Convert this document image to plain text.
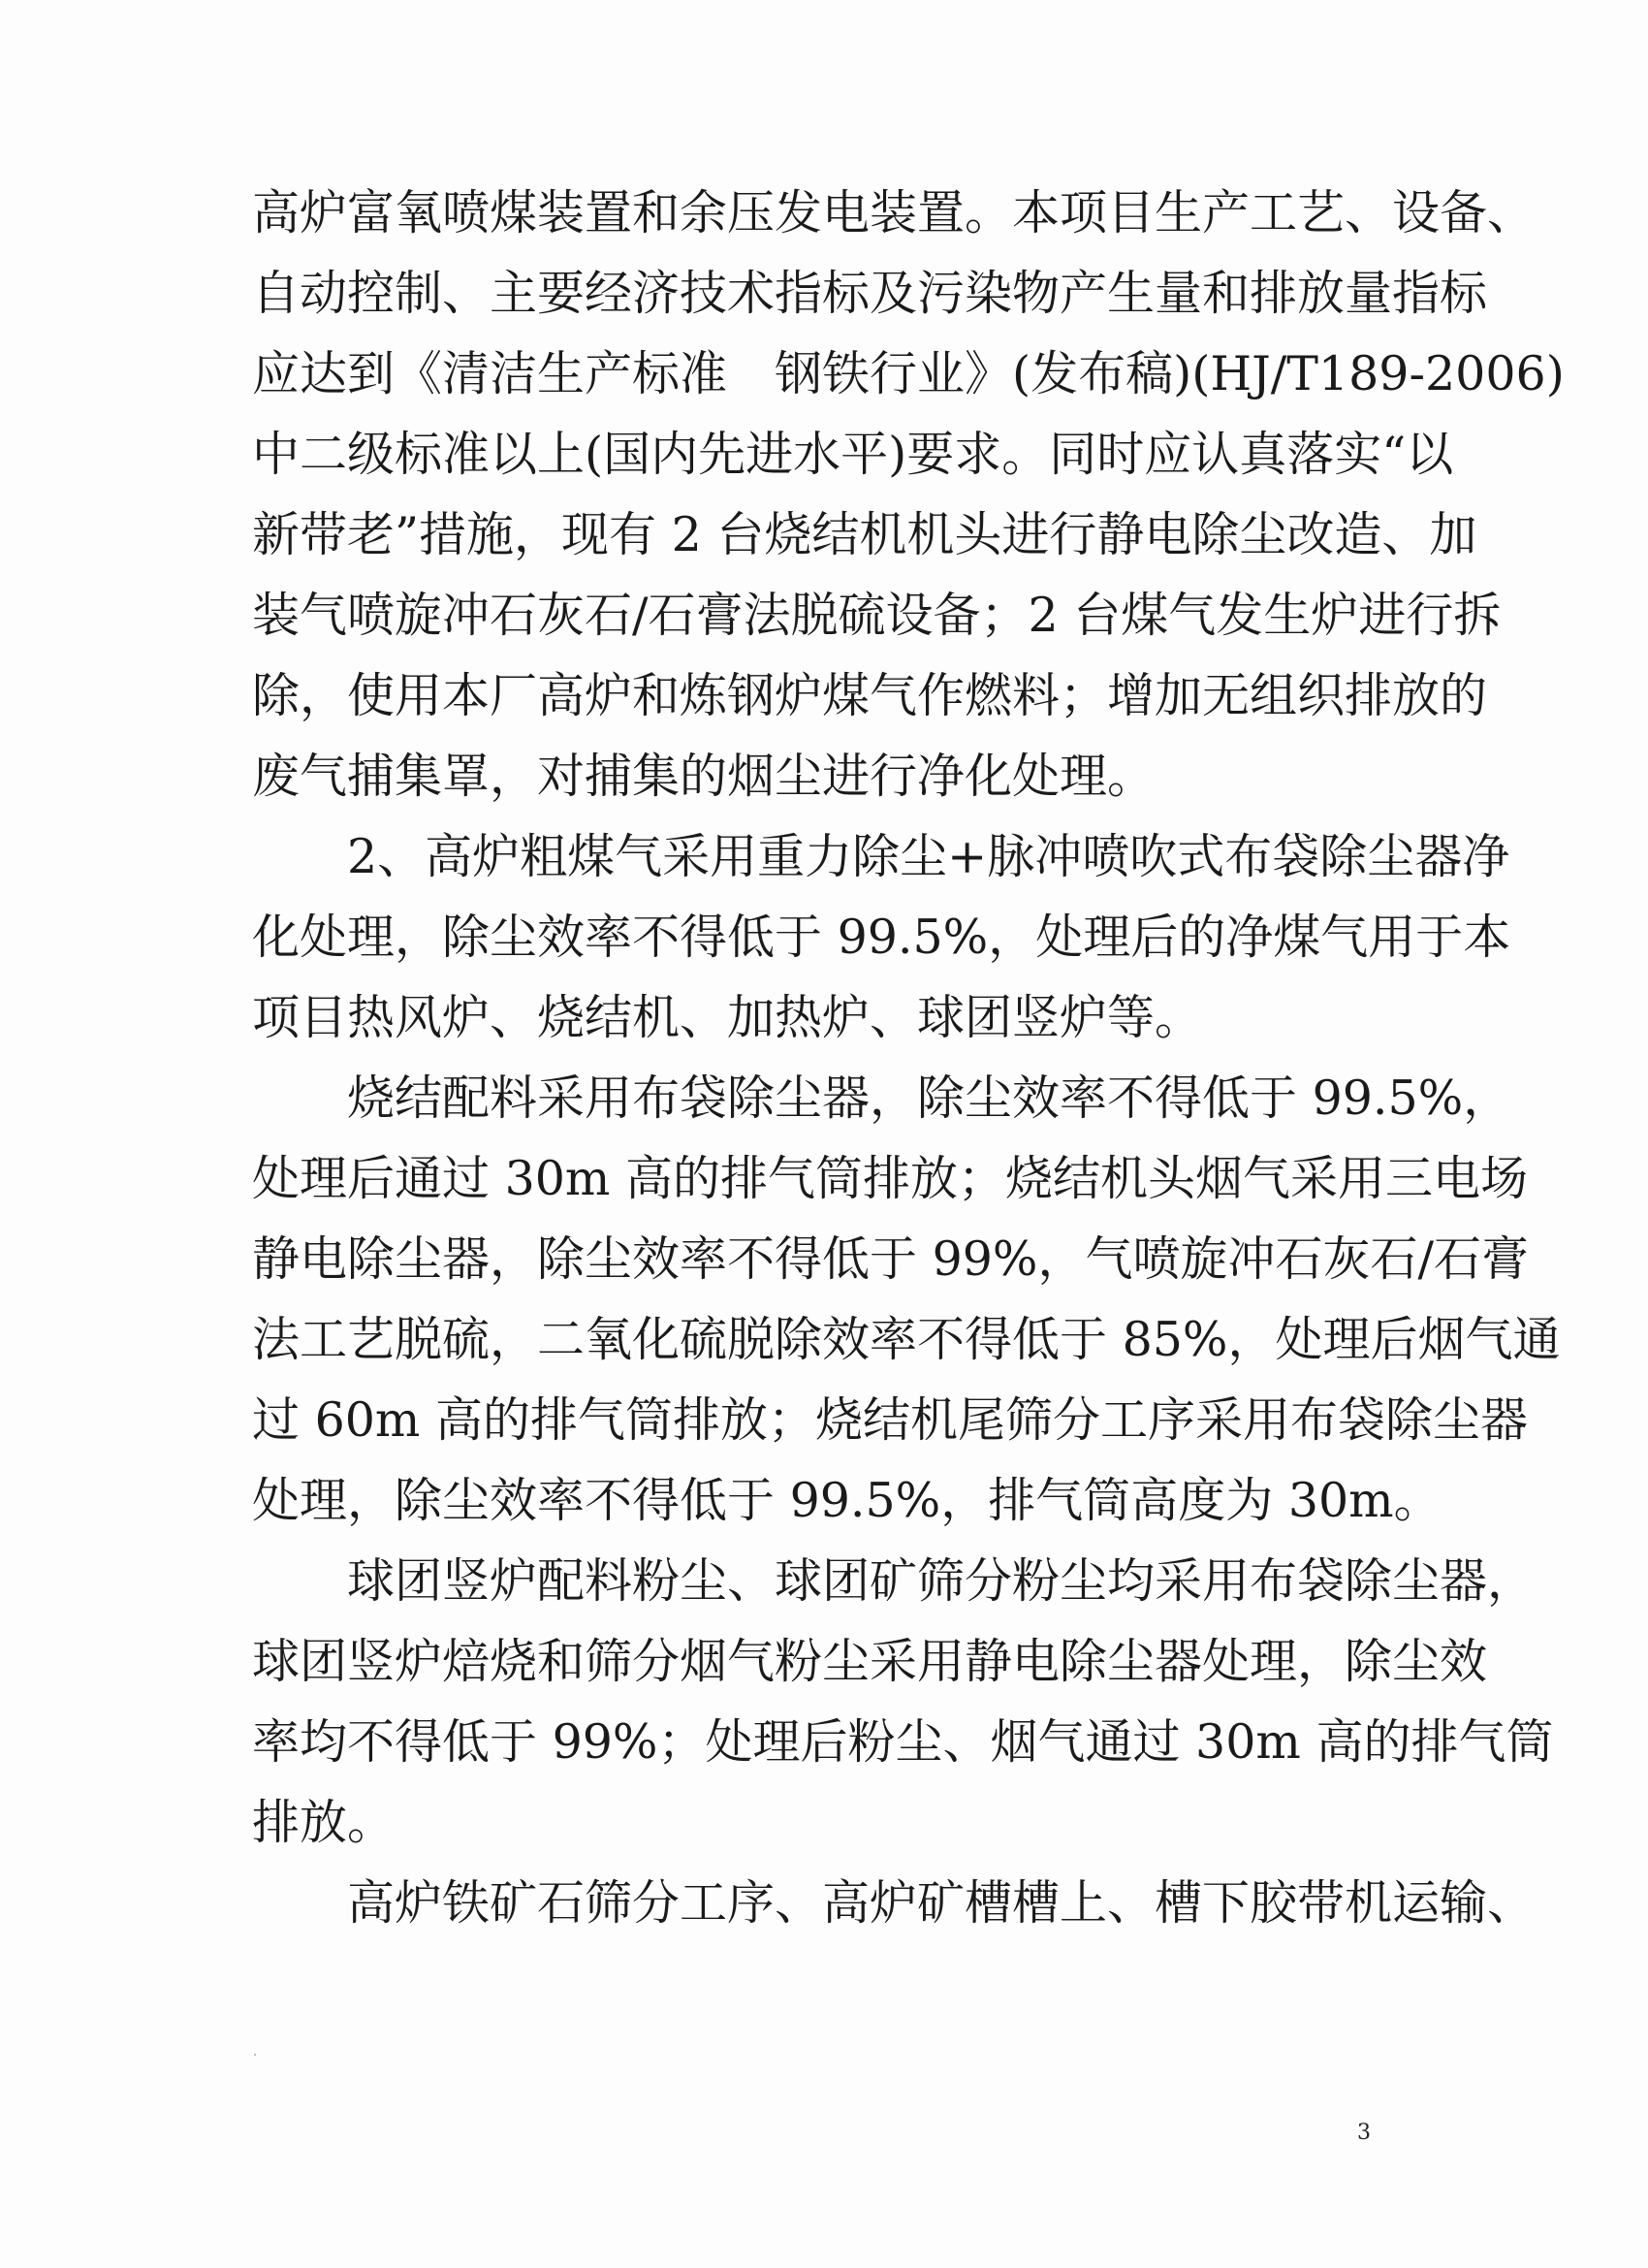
高炉富氧喷煤装置和余压发电装置。本项目生产工艺、设备、
自动控制、主要经济技术指标及污染物产生量和排放量指标
应达到《清洁生产标准　钢铁行业》(发布稿)(HJ/T189-2006)
中二级标准以上(国内先进水平)要求。同时应认真落实“以
新带老”措施，现有 2 台烧结机机头进行静电除尘改造、加
装气喷旋冲石灰石/石膏法脱硫设备；2 台煤气发生炉进行拆
除，使用本厂高炉和炼钢炉煤气作燃料；增加无组织排放的
废气捕集罩，对捕集的烟尘进行净化处理。

2、高炉粗煤气采用重力除尘+脉冲喷吹式布袋除尘器净
化处理，除尘效率不得低于 99.5%，处理后的净煤气用于本
项目热风炉、烧结机、加热炉、球团竖炉等。

烧结配料采用布袋除尘器，除尘效率不得低于 99.5%，
处理后通过 30m 高的排气筒排放；烧结机头烟气采用三电场
静电除尘器，除尘效率不得低于 99%，气喷旋冲石灰石/石膏
法工艺脱硫，二氧化硫脱除效率不得低于 85%，处理后烟气通
过 60m 高的排气筒排放；烧结机尾筛分工序采用布袋除尘器
处理，除尘效率不得低于 99.5%，排气筒高度为 30m。

球团竖炉配料粉尘、球团矿筛分粉尘均采用布袋除尘器，
球团竖炉焙烧和筛分烟气粉尘采用静电除尘器处理，除尘效
率均不得低于 99%；处理后粉尘、烟气通过 30m 高的排气筒
排放。

高炉铁矿石筛分工序、高炉矿槽槽上、槽下胶带机运输、

3
